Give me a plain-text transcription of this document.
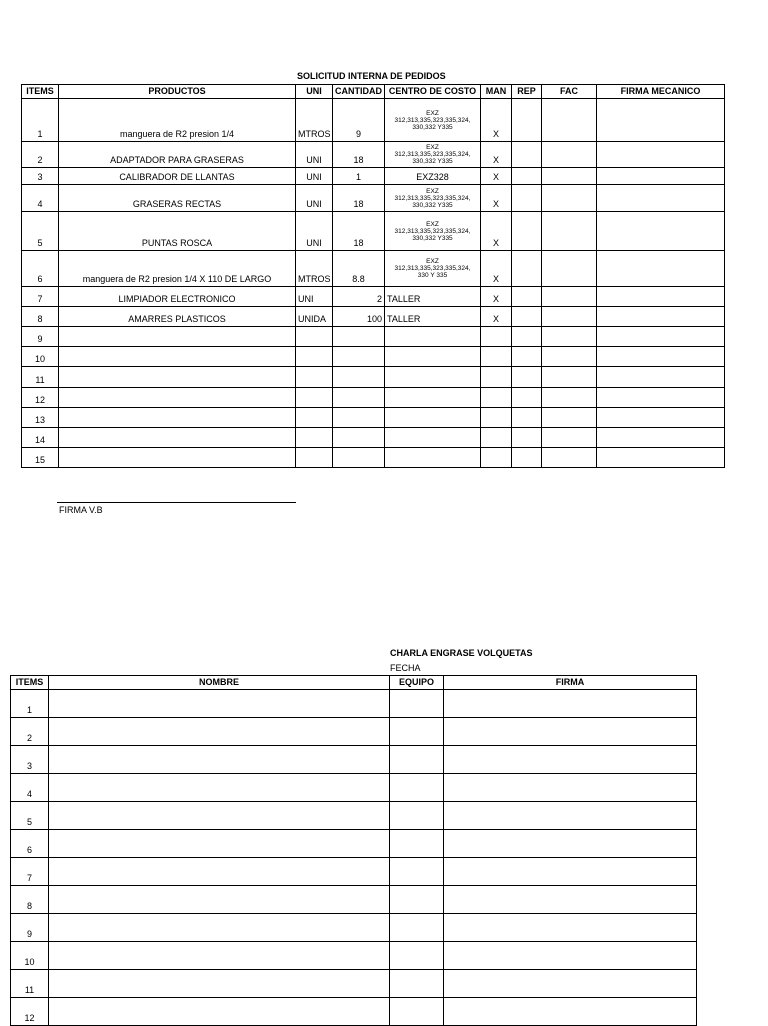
SOLICITUD INTERNA DE PEDIDOS
ITEMS	PRODUCTOS	UNI	CANTIDAD	CENTRO DE COSTO	MAN	REP	FAC	FIRMA MECANICO
1	manguera de R2 presion 1/4	MTROS	9	EXZ
312,313,335,323,335,324,
330,332 Y335	X			
2	ADAPTADOR PARA GRASERAS	UNI	18	EXZ
312,313,335,323,335,324,
330,332 Y335	X			
3	CALIBRADOR DE LLANTAS	UNI	1	EXZ328	X			
4	GRASERAS RECTAS	UNI	18	EXZ
312,313,335,323,335,324,
330,332 Y335	X			
5	PUNTAS ROSCA	UNI	18	EXZ
312,313,335,323,335,324,
330,332 Y335	X			
6	manguera de R2 presion 1/4 X 110 DE LARGO	MTROS	8.8	EXZ
312,313,335,323,335,324,
330 Y 335	X			
7	LIMPIADOR ELECTRONICO	UNI	2	TALLER	X			
8	AMARRES PLASTICOS	UNIDA	100	TALLER	X			
9								
10								
11								
12								
13								
14								
15								
FIRMA V.B
CHARLA ENGRASE VOLQUETAS
FECHA
ITEMS	NOMBRE	EQUIPO	FIRMA
1			
2			
3			
4			
5			
6			
7			
8			
9			
10			
11			
12			
